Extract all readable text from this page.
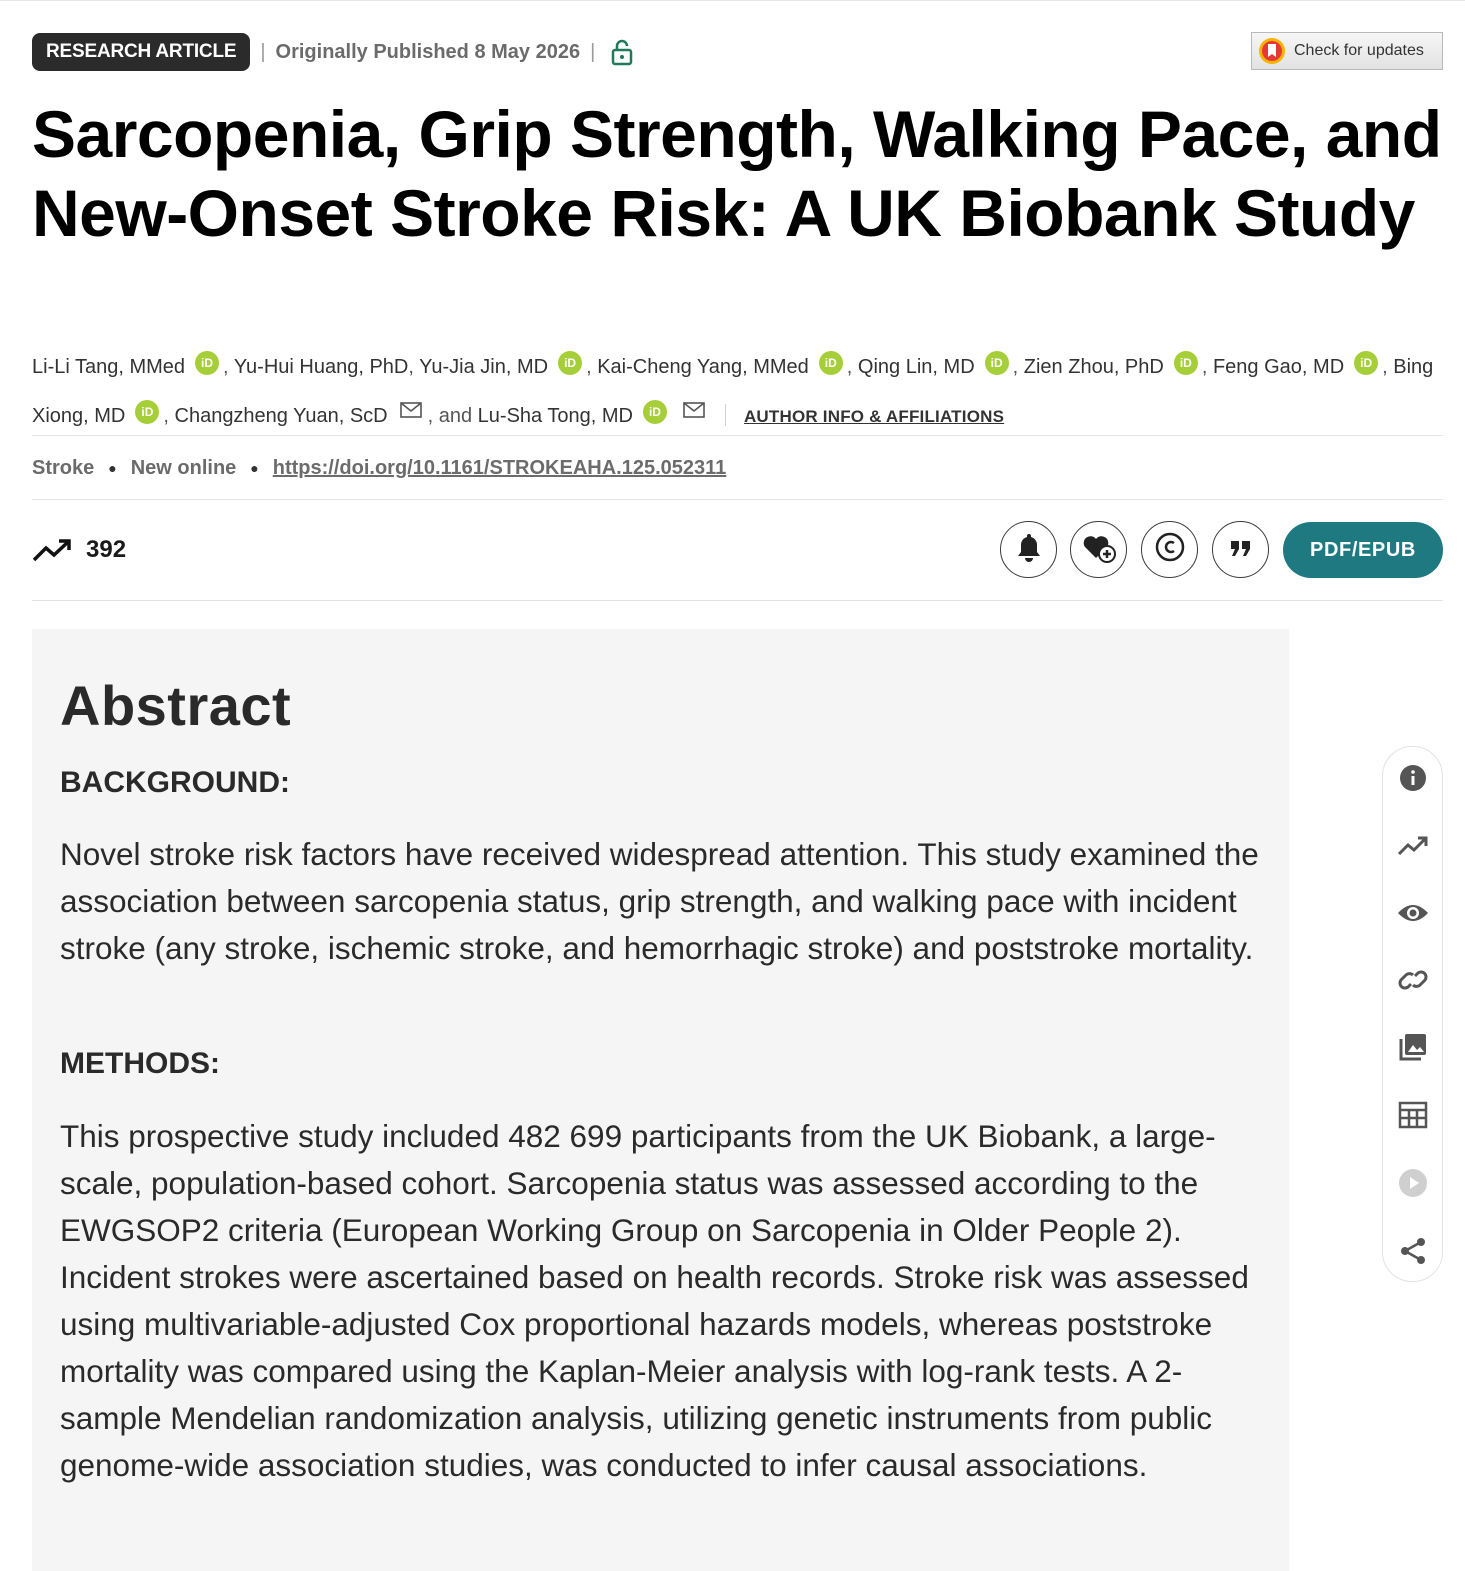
RESEARCH ARTICLE	| Originally Published 8 May 2026 |	Check for updates
Sarcopenia, Grip Strength, Walking Pace, and New-Onset Stroke Risk: A UK Biobank Study
Li-Li Tang, MMed iD , Yu-Hui Huang, PhD, Yu-Jia Jin, MD iD , Kai-Cheng Yang, MMed iD , Qing Lin, MD iD , Zien Zhou, PhD iD , Feng Gao, MD iD , Bing Xiong, MD iD , Changzheng Yuan, ScD , and Lu-Sha Tong, MD iD	AUTHOR INFO & AFFILIATIONS
Stroke ● New online ● https://doi.org/10.1161/STROKEAHA.125.052311
392	PDF/EPUB
Abstract
BACKGROUND:

Novel stroke risk factors have received widespread attention. This study examined the association between sarcopenia status, grip strength, and walking pace with incident stroke (any stroke, ischemic stroke, and hemorrhagic stroke) and poststroke mortality.

METHODS:

This prospective study included 482 699 participants from the UK Biobank, a large-scale, population-based cohort. Sarcopenia status was assessed according to the EWGSOP2 criteria (European Working Group on Sarcopenia in Older People 2). Incident strokes were ascertained based on health records. Stroke risk was assessed using multivariable-adjusted Cox proportional hazards models, whereas poststroke mortality was compared using the Kaplan-Meier analysis with log-rank tests. A 2-sample Mendelian randomization analysis, utilizing genetic instruments from public genome-wide association studies, was conducted to infer causal associations.
